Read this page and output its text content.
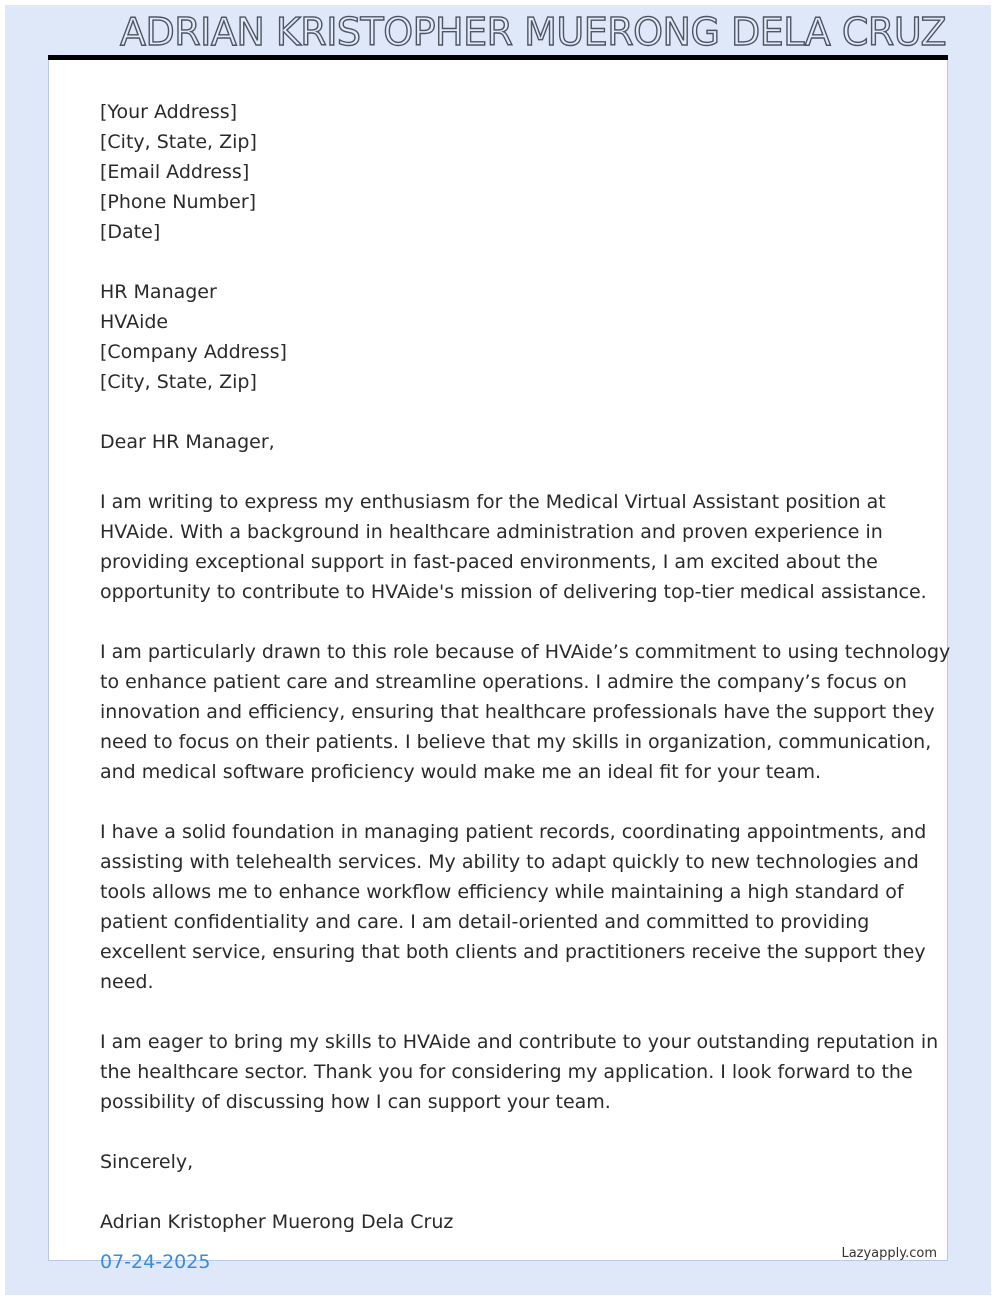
ADRIAN KRISTOPHER MUERONG DELA CRUZ
[Your Address]
[City, State, Zip]
[Email Address]
[Phone Number]
[Date]
HR Manager
HVAide
[Company Address]
[City, State, Zip]
Dear HR Manager,
I am writing to express my enthusiasm for the Medical Virtual Assistant position at
HVAide. With a background in healthcare administration and proven experience in
providing exceptional support in fast-paced environments, I am excited about the
opportunity to contribute to HVAide's mission of delivering top-tier medical assistance.
I am particularly drawn to this role because of HVAide’s commitment to using technology
to enhance patient care and streamline operations. I admire the company’s focus on
innovation and efficiency, ensuring that healthcare professionals have the support they
need to focus on their patients. I believe that my skills in organization, communication,
and medical software proficiency would make me an ideal fit for your team.
I have a solid foundation in managing patient records, coordinating appointments, and
assisting with telehealth services. My ability to adapt quickly to new technologies and
tools allows me to enhance workflow efficiency while maintaining a high standard of
patient confidentiality and care. I am detail-oriented and committed to providing
excellent service, ensuring that both clients and practitioners receive the support they
need.
I am eager to bring my skills to HVAide and contribute to your outstanding reputation in
the healthcare sector. Thank you for considering my application. I look forward to the
possibility of discussing how I can support your team.
Sincerely,
Adrian Kristopher Muerong Dela Cruz
07-24-2025	Lazyapply.com
